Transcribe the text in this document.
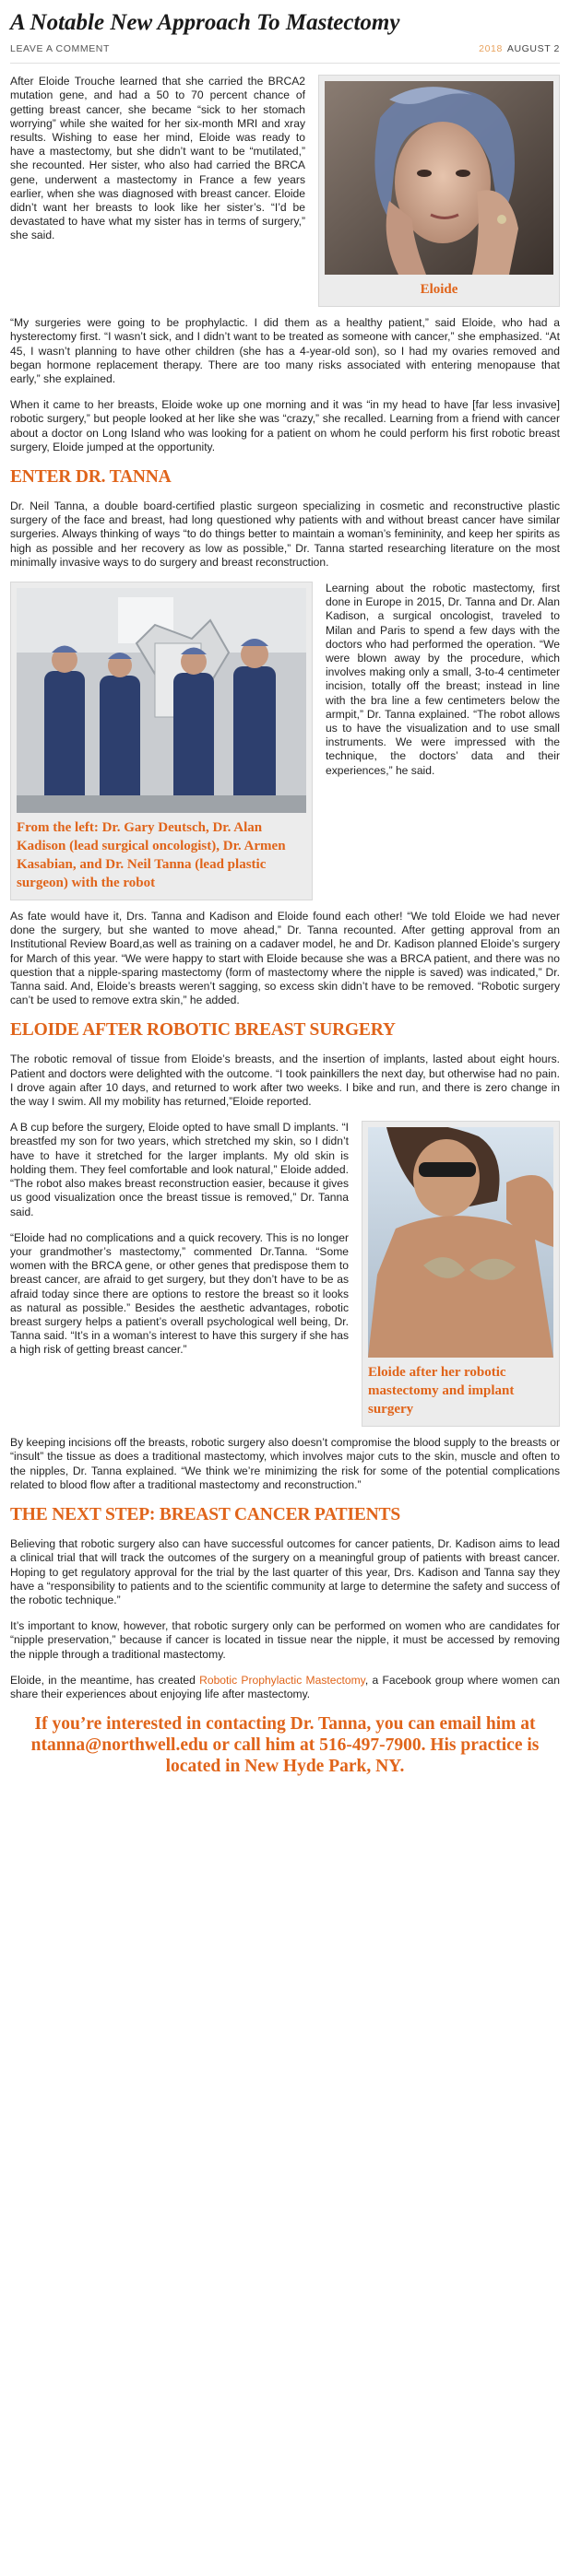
A Notable New Approach To Mastectomy
LEAVE A COMMENT	2018 AUGUST 2
Eloide

After Eloide Trouche learned that she carried the BRCA2 mutation gene, and had a 50 to 70 percent chance of getting breast cancer, she became “sick to her stomach worrying” while she waited for her six-month MRI and xray results. Wishing to ease her mind, Eloide was ready to have a mastectomy, but she didn’t want to be “mutilated,” she recounted. Her sister, who also had carried the BRCA gene, underwent a mastectomy in France a few years earlier, when she was diagnosed with breast cancer. Eloide didn’t want her breasts to look like her sister’s. “I’d be devastated to have what my sister has in terms of surgery,” she said.

“My surgeries were going to be prophylactic. I did them as a healthy patient,” said Eloide, who had a hysterectomy first. “I wasn’t sick, and I didn’t want to be treated as someone with cancer,” she emphasized. “At 45, I wasn’t planning to have other children (she has a 4-year-old son), so I had my ovaries removed and began hormone replacement therapy. There are too many risks associated with entering menopause that early,” she explained.

When it came to her breasts, Eloide woke up one morning and it was “in my head to have [far less invasive] robotic surgery,” but people looked at her like she was “crazy,” she recalled. Learning from a friend with cancer about a doctor on Long Island who was looking for a patient on whom he could perform his first robotic breast surgery, Eloide jumped at the opportunity.

ENTER DR. TANNA

Dr. Neil Tanna, a double board-certified plastic surgeon specializing in cosmetic and reconstructive plastic surgery of the face and breast, had long questioned why patients with and without breast cancer have similar surgeries. Always thinking of ways “to do things better to maintain a woman’s femininity, and keep her spirits as high as possible and her recovery as low as possible,” Dr. Tanna started researching literature on the most minimally invasive ways to do surgery and breast reconstruction.

From the left: Dr. Gary Deutsch, Dr. Alan Kadison (lead surgical oncologist), Dr. Armen Kasabian, and Dr. Neil Tanna (lead plastic surgeon) with the robot

Learning about the robotic mastectomy, first done in Europe in 2015, Dr. Tanna and Dr. Alan Kadison, a surgical oncologist, traveled to Milan and Paris to spend a few days with the doctors who had performed the operation. “We were blown away by the procedure, which involves making only a small, 3-to-4 centimeter incision, totally off the breast; instead in line with the bra line a few centimeters below the armpit,” Dr. Tanna explained. “The robot allows us to have the visualization and to use small instruments. We were impressed with the technique, the doctors’ data and their experiences,” he said.

As fate would have it, Drs. Tanna and Kadison and Eloide found each other! “We told Eloide we had never done the surgery, but she wanted to move ahead,” Dr. Tanna recounted. After getting approval from an Institutional Review Board,as well as training on a cadaver model, he and Dr. Kadison planned Eloide’s surgery for March of this year. “We were happy to start with Eloide because she was a BRCA patient, and there was no question that a nipple-sparing mastectomy (form of mastectomy where the nipple is saved) was indicated,” Dr. Tanna said. And, Eloide’s breasts weren’t sagging, so excess skin didn’t have to be removed. “Robotic surgery can’t be used to remove extra skin,” he added.

ELOIDE AFTER ROBOTIC BREAST SURGERY

The robotic removal of tissue from Eloide’s breasts, and the insertion of implants, lasted about eight hours. Patient and doctors were delighted with the outcome. “I took painkillers the next day, but otherwise had no pain. I drove again after 10 days, and returned to work after two weeks. I bike and run, and there is zero change in the way I swim. All my mobility has returned,”Eloide reported.

Eloide after her robotic mastectomy and implant surgery

A B cup before the surgery, Eloide opted to have small D implants. “I breastfed my son for two years, which stretched my skin, so I didn’t have to have it stretched for the larger implants. My old skin is holding them. They feel comfortable and look natural,” Eloide added. “The robot also makes breast reconstruction easier, because it gives us good visualization once the breast tissue is removed,” Dr. Tanna said.

“Eloide had no complications and a quick recovery. This is no longer your grandmother’s mastectomy,” commented Dr.Tanna. “Some women with the BRCA gene, or other genes that predispose them to breast cancer, are afraid to get surgery, but they don’t have to be as afraid today since there are options to restore the breast so it looks as natural as possible.” Besides the aesthetic advantages, robotic breast surgery helps a patient’s overall psychological well being, Dr. Tanna said. “It’s in a woman’s interest to have this surgery if she has a high risk of getting breast cancer.”

By keeping incisions off the breasts, robotic surgery also doesn’t compromise the blood supply to the breasts or “insult” the tissue as does a traditional mastectomy, which involves major cuts to the skin, muscle and often to the nipples, Dr. Tanna explained. “We think we’re minimizing the risk for some of the potential complications related to blood flow after a traditional mastectomy and reconstruction.”

THE NEXT STEP: BREAST CANCER PATIENTS

Believing that robotic surgery also can have successful outcomes for cancer patients, Dr. Kadison aims to lead a clinical trial that will track the outcomes of the surgery on a meaningful group of patients with breast cancer. Hoping to get regulatory approval for the trial by the last quarter of this year, Drs. Kadison and Tanna say they have a “responsibility to patients and to the scientific community at large to determine the safety and success of the robotic technique.”

It’s important to know, however, that robotic surgery only can be performed on women who are candidates for “nipple preservation,” because if cancer is located in tissue near the nipple, it must be accessed by removing the nipple through a traditional mastectomy.

Eloide, in the meantime, has created Robotic Prophylactic Mastectomy, a Facebook group where women can share their experiences about enjoying life after mastectomy.

If you’re interested in contacting Dr. Tanna, you can email him at ntanna@northwell.edu or call him at 516-497-7900. His practice is located in New Hyde Park, NY.
